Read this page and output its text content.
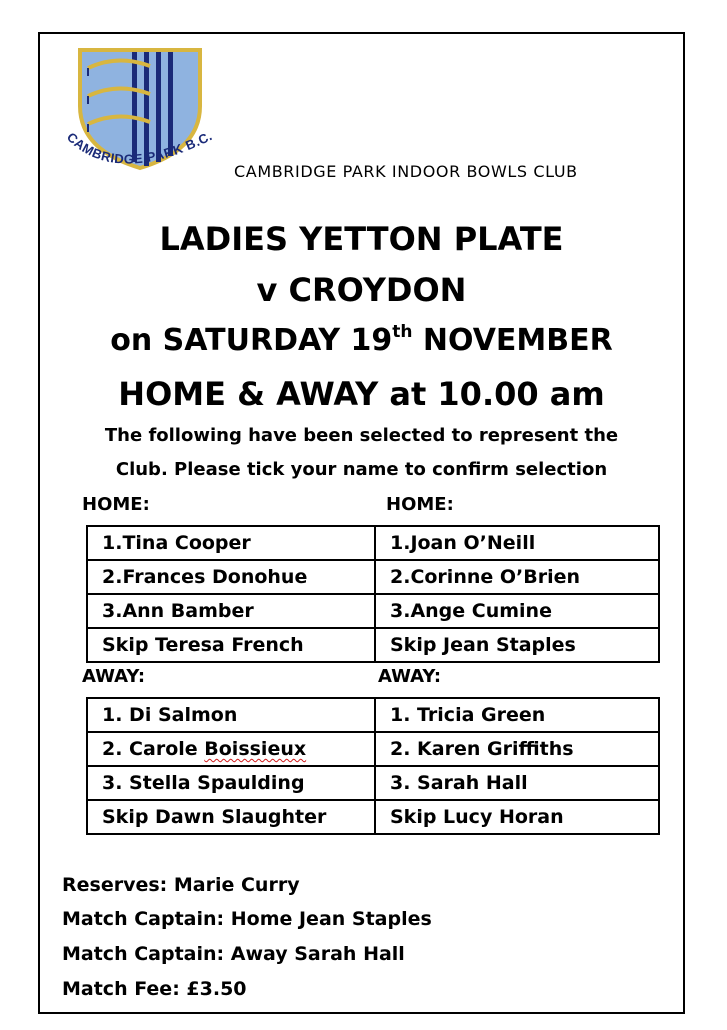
CAMBRIDGE PARK B.C.
CAMBRIDGE PARK INDOOR BOWLS CLUB
LADIES YETTON PLATE
v CROYDON
on SATURDAY 19th NOVEMBER
HOME & AWAY at 10.00 am
The following have been selected to represent the
Club. Please tick your name to confirm selection
HOME:	HOME:
1.Tina Cooper	1.Joan O’Neill
2.Frances Donohue	2.Corinne O’Brien
3.Ann Bamber	3.Ange Cumine
Skip Teresa French	Skip Jean Staples
AWAY:	AWAY:
1. Di Salmon	1. Tricia Green
2. Carole Boissieux	2. Karen Griffiths
3. Stella Spaulding	3. Sarah Hall
Skip Dawn Slaughter	Skip Lucy Horan
Reserves: Marie Curry
Match Captain: Home Jean Staples
Match Captain: Away Sarah Hall
Match Fee: £3.50
